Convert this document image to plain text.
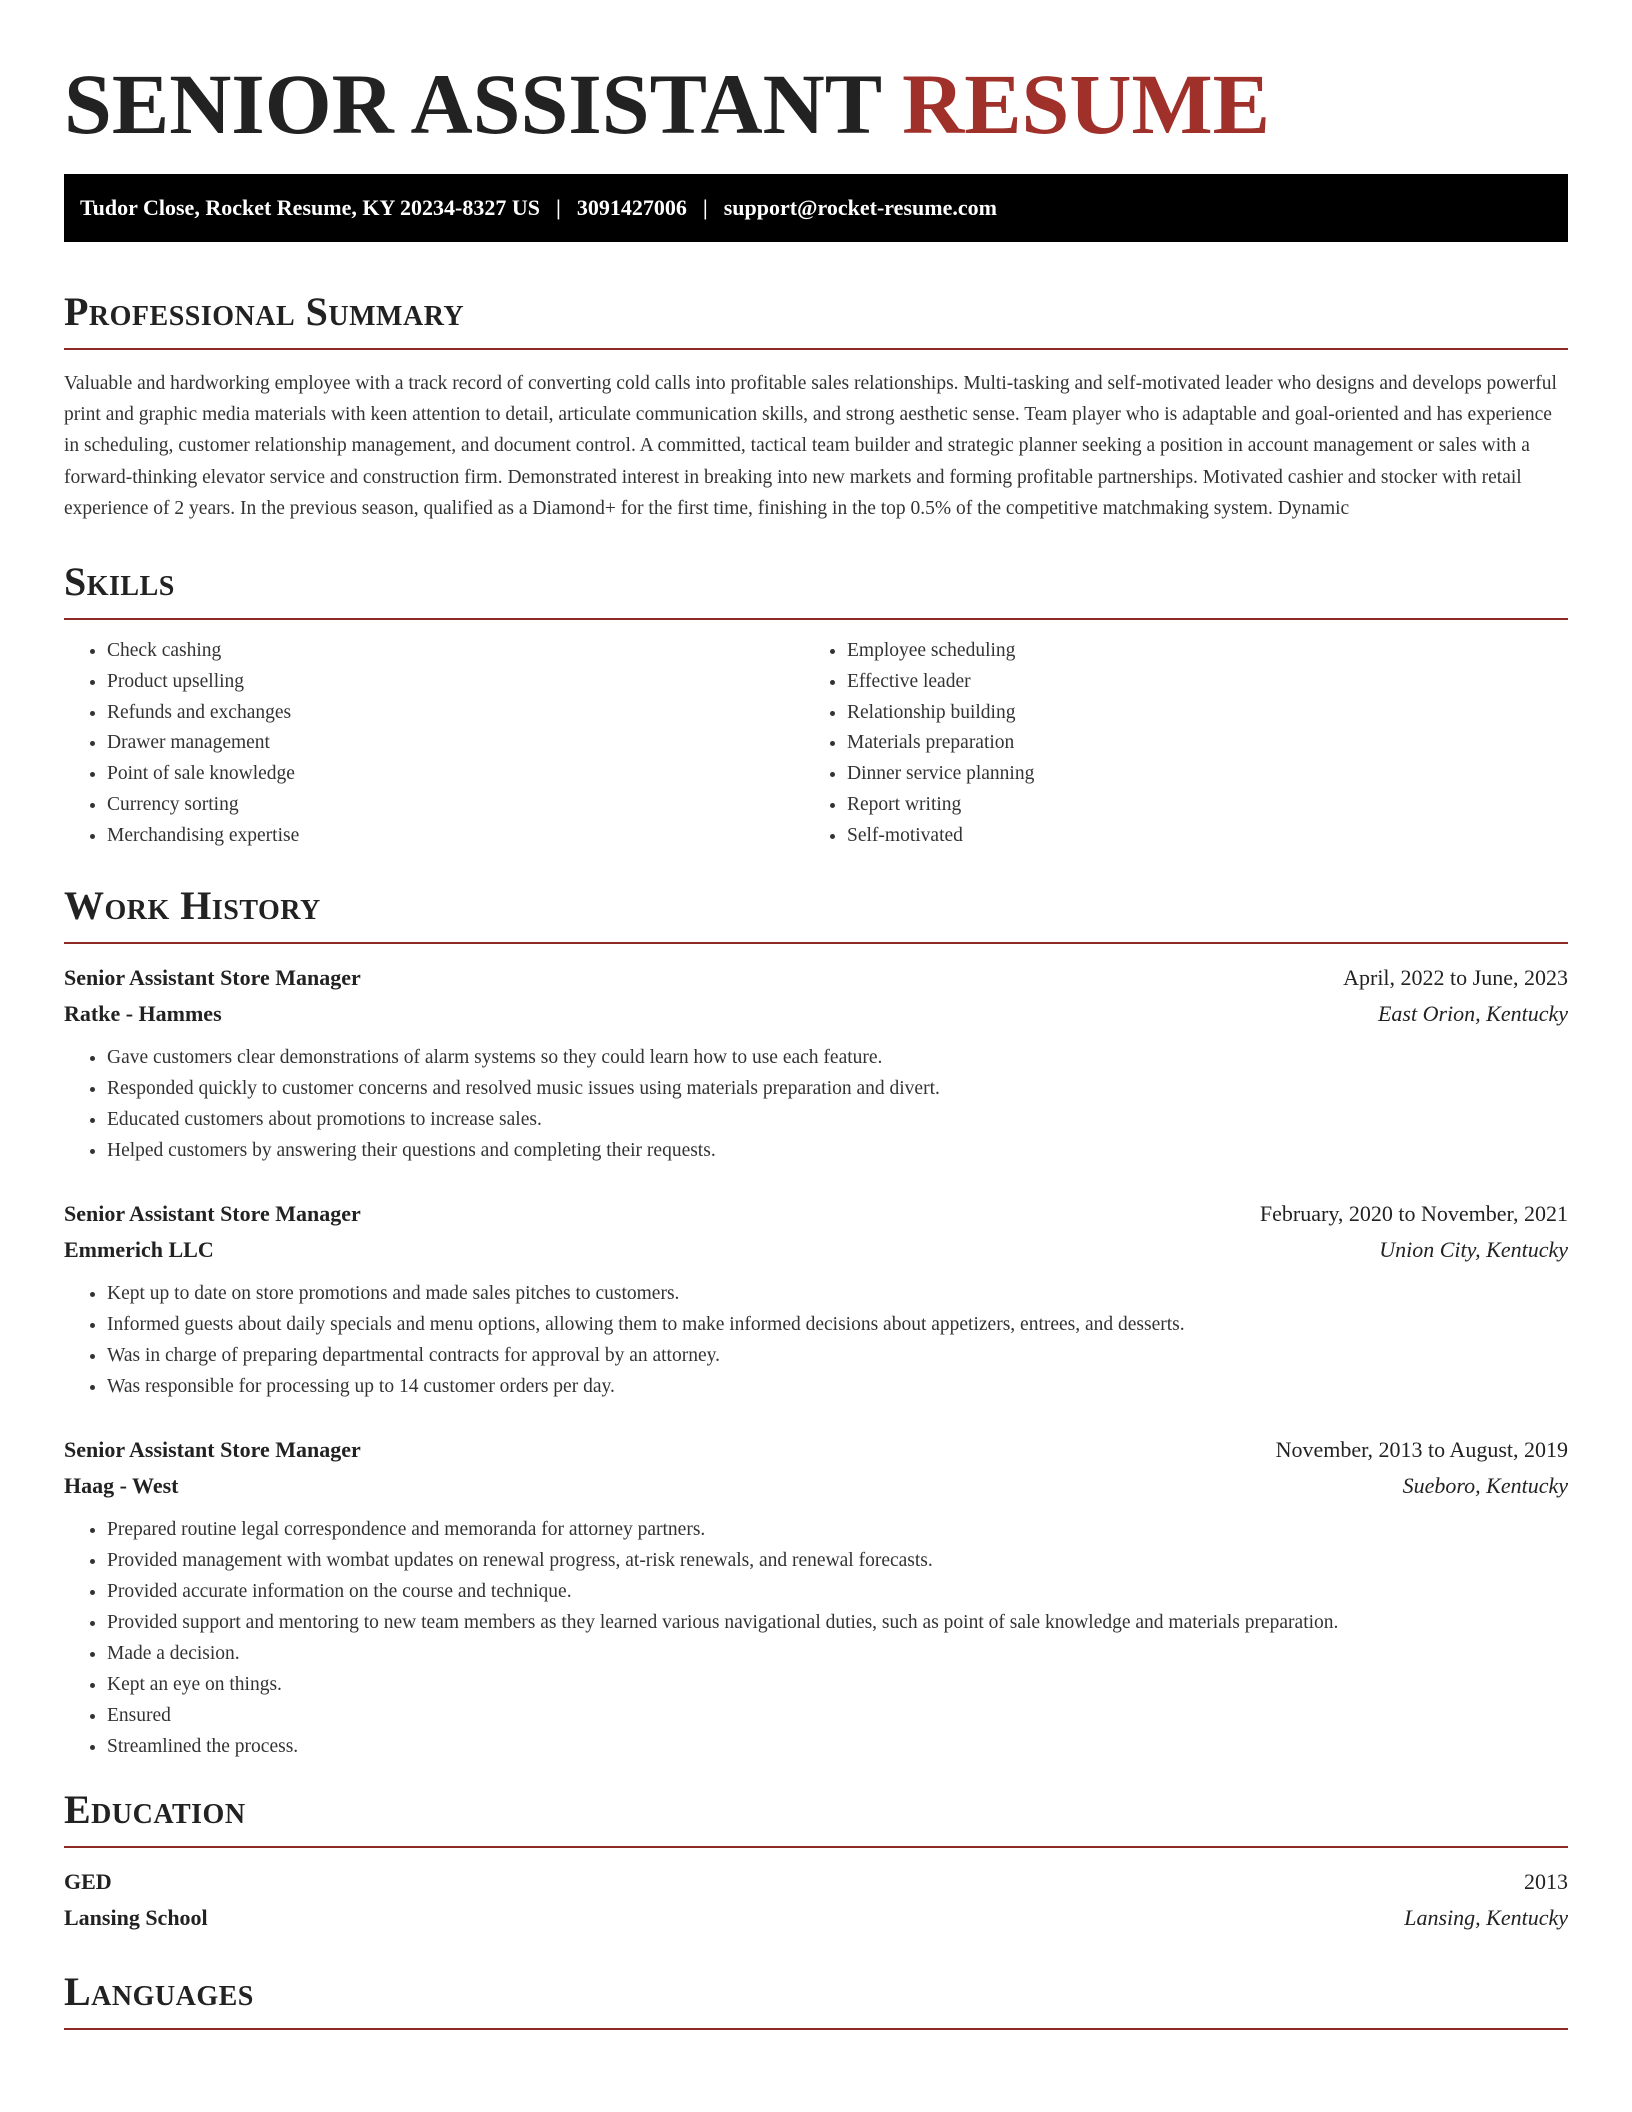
SENIOR ASSISTANT RESUME
Tudor Close, Rocket Resume, KY 20234-8327 US | 3091427006 | support@rocket-resume.com
Professional Summary

Valuable and hardworking employee with a track record of converting cold calls into profitable sales relationships. Multi-tasking and self-motivated leader who designs and develops powerful print and graphic media materials with keen attention to detail, articulate communication skills, and strong aesthetic sense. Team player who is adaptable and goal-oriented and has experience in scheduling, customer relationship management, and document control. A committed, tactical team builder and strategic planner seeking a position in account management or sales with a forward-thinking elevator service and construction firm. Demonstrated interest in breaking into new markets and forming profitable partnerships. Motivated cashier and stocker with retail experience of 2 years. In the previous season, qualified as a Diamond+ for the first time, finishing in the top 0.5% of the competitive matchmaking system. Dynamic

Skills
• Check cashing
• Product upselling
• Refunds and exchanges
• Drawer management
• Point of sale knowledge
• Currency sorting
• Merchandising expertise
• Employee scheduling
• Effective leader
• Relationship building
• Materials preparation
• Dinner service planning
• Report writing
• Self-motivated
Work History
Senior Assistant Store Manager	April, 2022 to June, 2023
Ratke - Hammes	East Orion, Kentucky
• Gave customers clear demonstrations of alarm systems so they could learn how to use each feature.
• Responded quickly to customer concerns and resolved music issues using materials preparation and divert.
• Educated customers about promotions to increase sales.
• Helped customers by answering their questions and completing their requests.
Senior Assistant Store Manager	February, 2020 to November, 2021
Emmerich LLC	Union City, Kentucky
• Kept up to date on store promotions and made sales pitches to customers.
• Informed guests about daily specials and menu options, allowing them to make informed decisions about appetizers, entrees, and desserts.
• Was in charge of preparing departmental contracts for approval by an attorney.
• Was responsible for processing up to 14 customer orders per day.
Senior Assistant Store Manager	November, 2013 to August, 2019
Haag - West	Sueboro, Kentucky
• Prepared routine legal correspondence and memoranda for attorney partners.
• Provided management with wombat updates on renewal progress, at-risk renewals, and renewal forecasts.
• Provided accurate information on the course and technique.
• Provided support and mentoring to new team members as they learned various navigational duties, such as point of sale knowledge and materials preparation.
• Made a decision.
• Kept an eye on things.
• Ensured
• Streamlined the process.
Education
GED	2013
Lansing School	Lansing, Kentucky
Languages
